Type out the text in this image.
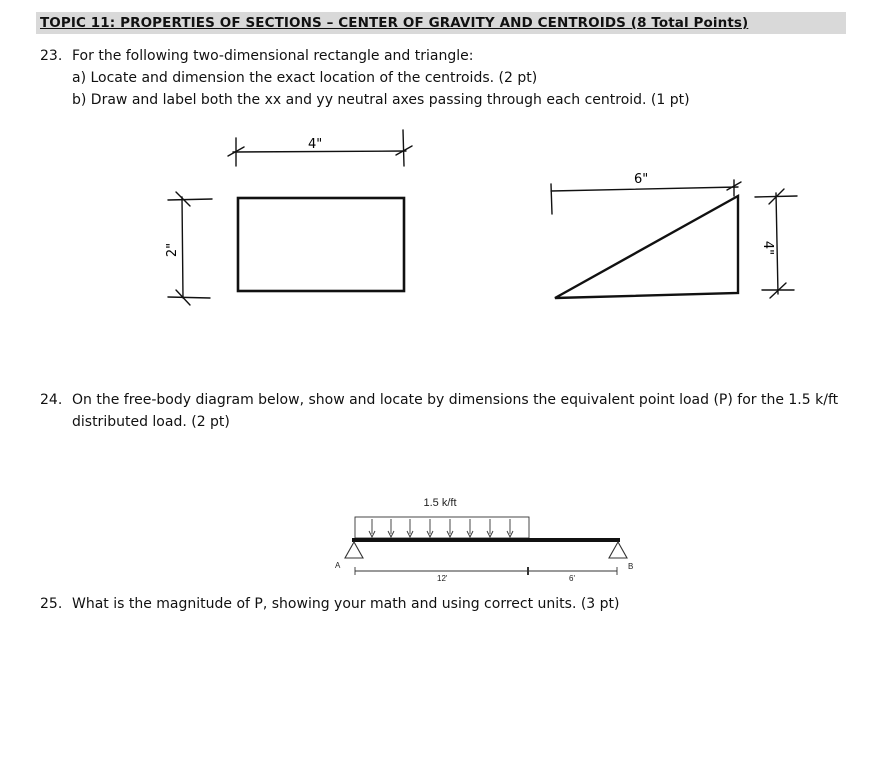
TOPIC 11: PROPERTIES OF SECTIONS – CENTER OF GRAVITY AND CENTROIDS (8 Total Points)
23. For the following two-dimensional rectangle and triangle:
a) Locate and dimension the exact location of the centroids. (2 pt)
b) Draw and label both the xx and yy neutral axes passing through each centroid. (1 pt)
24. On the free-body diagram below, show and locate by dimensions the equivalent point load (P) for the 1.5 k/ft
distributed load. (2 pt)
25. What is the magnitude of P, showing your math and using correct units. (3 pt)
4"
2"
6"
4"
1.5 k/ft
A	B
12'	6'
